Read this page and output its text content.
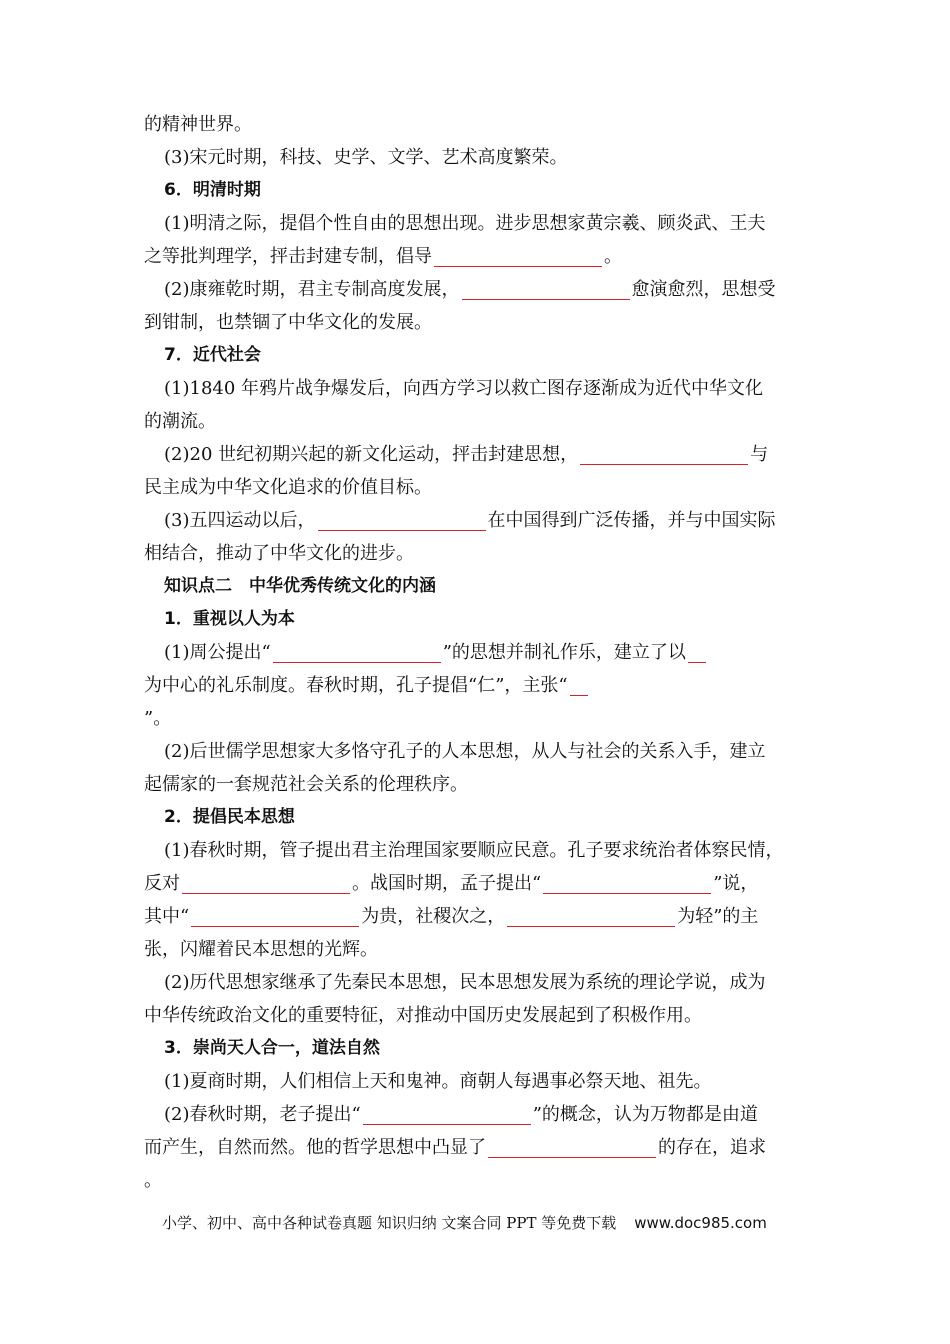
的精神世界。
(3)宋元时期，科技、史学、文学、艺术高度繁荣。
6．明清时期
(1)明清之际，提倡个性自由的思想出现。进步思想家黄宗羲、顾炎武、王夫
之等批判理学，抨击封建专制，倡导	。
(2)康雍乾时期，君主专制高度发展，	愈演愈烈，思想受
到钳制，也禁锢了中华文化的发展。
7．近代社会
(1)1840 年鸦片战争爆发后，向西方学习以救亡图存逐渐成为近代中华文化
的潮流。
(2)20 世纪初期兴起的新文化运动，抨击封建思想，	与
民主成为中华文化追求的价值目标。
(3)五四运动以后，	在中国得到广泛传播，并与中国实际
相结合，推动了中华文化的进步。
知识点二　中华优秀传统文化的内涵
1．重视以人为本
(1)周公提出“	”的思想并制礼作乐，建立了以
为中心的礼乐制度。春秋时期，孔子提倡“仁”，主张“
”。
(2)后世儒学思想家大多恪守孔子的人本思想，从人与社会的关系入手，建立
起儒家的一套规范社会关系的伦理秩序。
2．提倡民本思想
(1)春秋时期，管子提出君主治理国家要顺应民意。孔子要求统治者体察民情，
反对	。战国时期，孟子提出“	”说，
其中“	为贵，社稷次之，	为轻”的主
张，闪耀着民本思想的光辉。
(2)历代思想家继承了先秦民本思想，民本思想发展为系统的理论学说，成为
中华传统政治文化的重要特征，对推动中国历史发展起到了积极作用。
3．崇尚天人合一，道法自然
(1)夏商时期，人们相信上天和鬼神。商朝人每遇事必祭天地、祖先。
(2)春秋时期，老子提出“	”的概念，认为万物都是由道
而产生，自然而然。他的哲学思想中凸显了	的存在，追求
。
小学、初中、高中各种试卷真题 知识归纳 文案合同 PPT 等免费下载 www.doc985.com
